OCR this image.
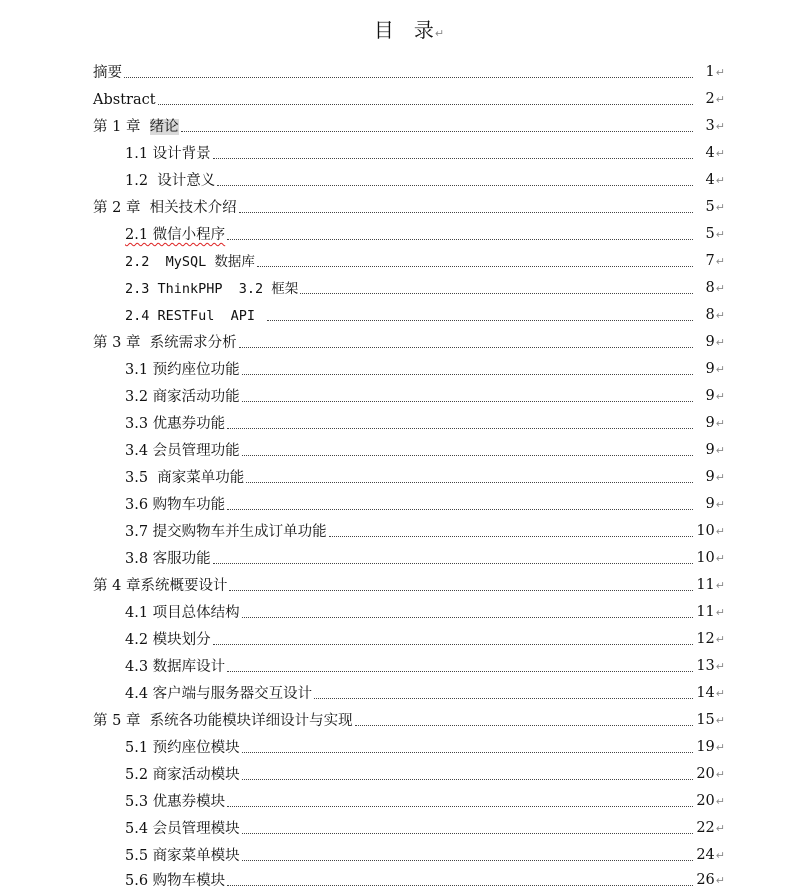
目 录↵
摘要	1↵
Abstract	2↵
第 1 章  绪论	3↵
1.1 设计背景	4↵
1.2  设计意义	4↵
第 2 章  相关技术介绍	5↵
2.1 微信小程序	5↵
2.2  MySQL 数据库	7↵
2.3 ThinkPHP  3.2 框架	8↵
2.4 RESTFul  API	8↵
第 3 章  系统需求分析	9↵
3.1 预约座位功能	9↵
3.2 商家活动功能	9↵
3.3 优惠券功能	9↵
3.4 会员管理功能	9↵
3.5  商家菜单功能	9↵
3.6 购物车功能	9↵
3.7 提交购物车并生成订单功能	10↵
3.8 客服功能	10↵
第 4 章系统概要设计	11↵
4.1 项目总体结构	11↵
4.2 模块划分	12↵
4.3 数据库设计	13↵
4.4 客户端与服务器交互设计	14↵
第 5 章  系统各功能模块详细设计与实现	15↵
5.1 预约座位模块	19↵
5.2 商家活动模块	20↵
5.3 优惠券模块	20↵
5.4 会员管理模块	22↵
5.5 商家菜单模块	24↵
5.6 购物车模块	26↵
